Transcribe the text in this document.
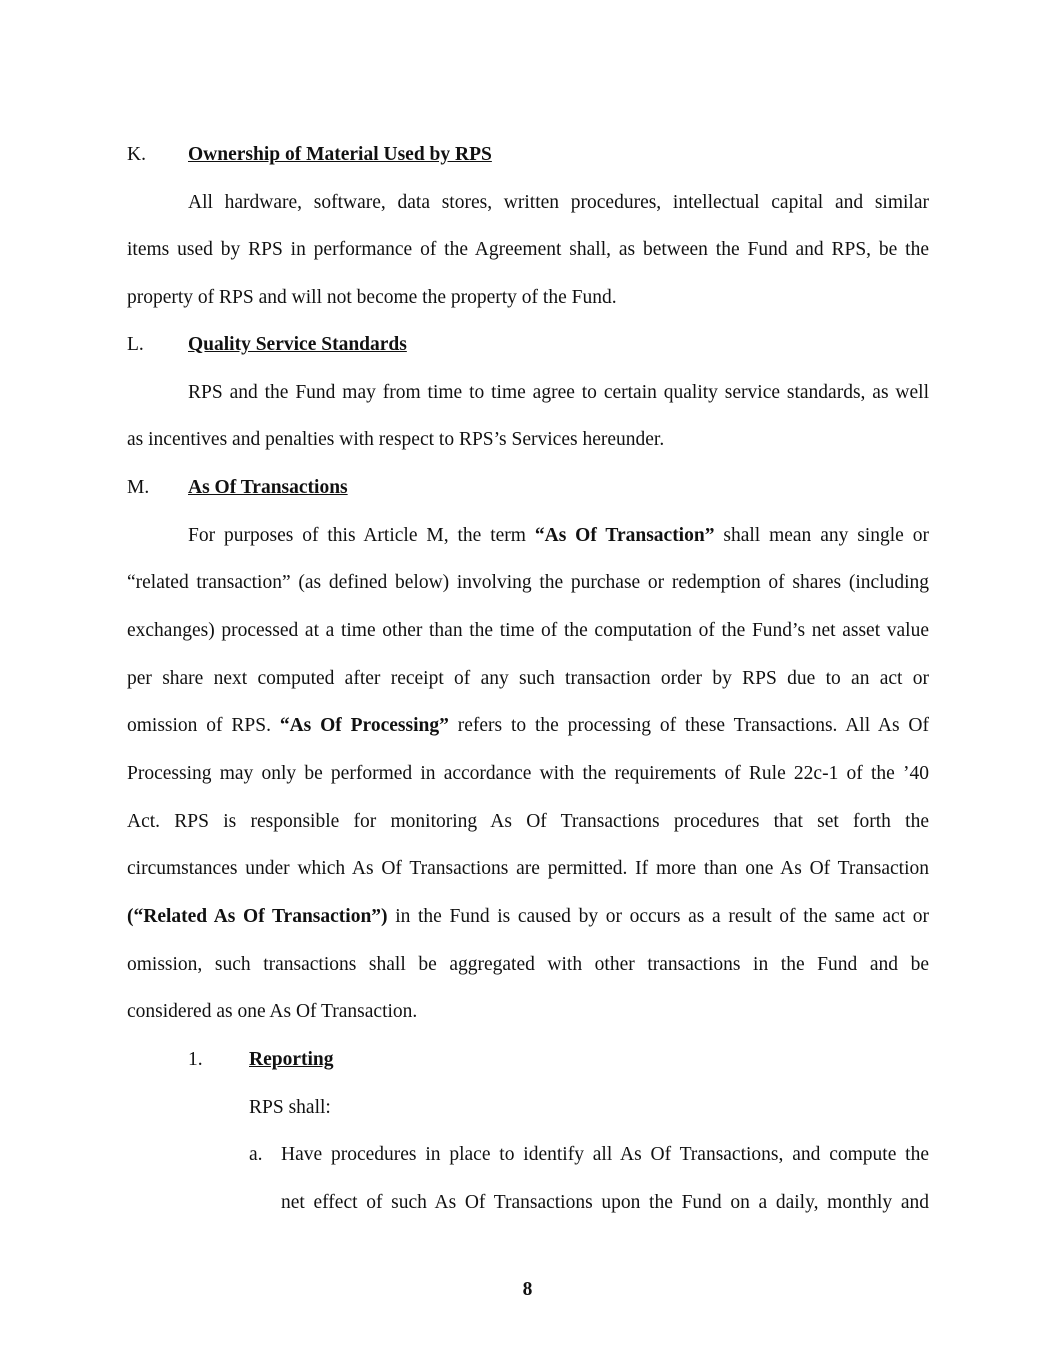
K. Ownership of Material Used by RPS
All hardware, software, data stores, written procedures, intellectual capital and similar
items used by RPS in performance of the Agreement shall, as between the Fund and RPS, be the
property of RPS and will not become the property of the Fund.
L. Quality Service Standards
RPS and the Fund may from time to time agree to certain quality service standards, as well
as incentives and penalties with respect to RPS’s Services hereunder.
M. As Of Transactions
For purposes of this Article M, the term “As Of Transaction” shall mean any single or
“related transaction” (as defined below) involving the purchase or redemption of shares (including
exchanges) processed at a time other than the time of the computation of the Fund’s net asset value
per share next computed after receipt of any such transaction order by RPS due to an act or
omission of RPS. “As Of Processing” refers to the processing of these Transactions. All As Of
Processing may only be performed in accordance with the requirements of Rule 22c-1 of the ’40
Act. RPS is responsible for monitoring As Of Transactions procedures that set forth the
circumstances under which As Of Transactions are permitted. If more than one As Of Transaction
(“Related As Of Transaction”) in the Fund is caused by or occurs as a result of the same act or
omission, such transactions shall be aggregated with other transactions in the Fund and be
considered as one As Of Transaction.
1. Reporting
RPS shall:
a. Have procedures in place to identify all As Of Transactions, and compute the
net effect of such As Of Transactions upon the Fund on a daily, monthly and
8
